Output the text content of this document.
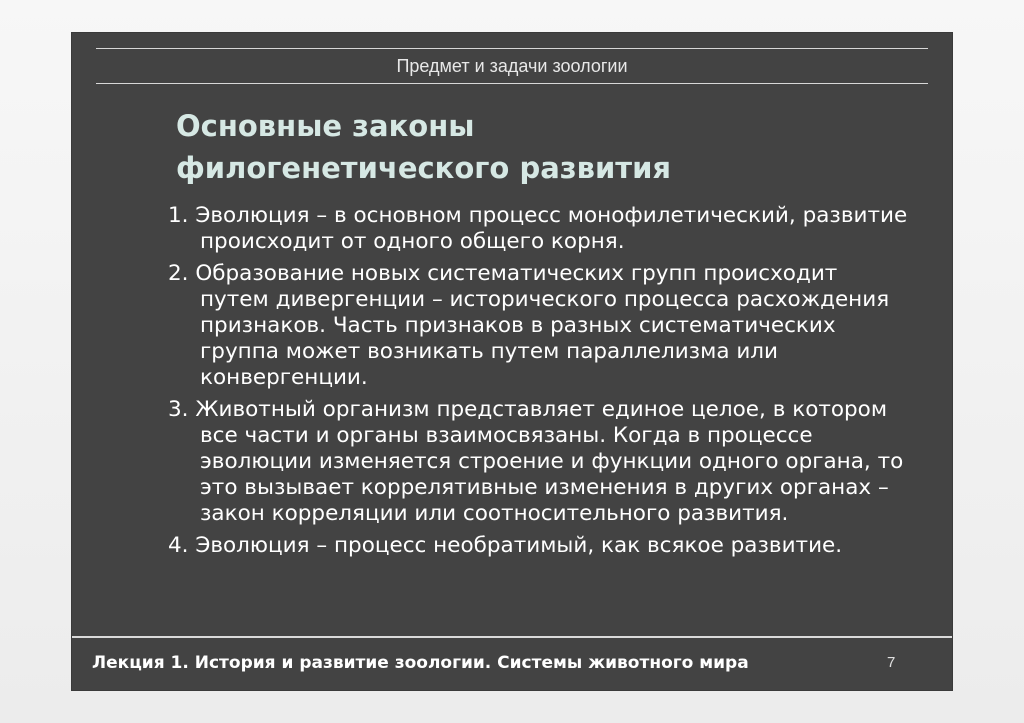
Предмет и задачи зоологии
Основные законы
филогенетического развития
1. Эволюция – в основном процесс монофилетический, развитие происходит от одного общего корня.
2. Образование новых систематических групп происходит путем дивергенции – исторического процесса расхождения признаков. Часть признаков в разных систематических группа может возникать путем параллелизма или конвергенции.
3. Животный организм представляет единое целое, в котором все части и органы взаимосвязаны. Когда в процессе эволюции изменяется строение и функции одного органа, то это вызывает коррелятивные изменения в других органах – закон корреляции или соотносительного развития.
4. Эволюция – процесс необратимый, как всякое развитие.
Лекция 1. История и развитие зоологии. Системы животного мира	7
